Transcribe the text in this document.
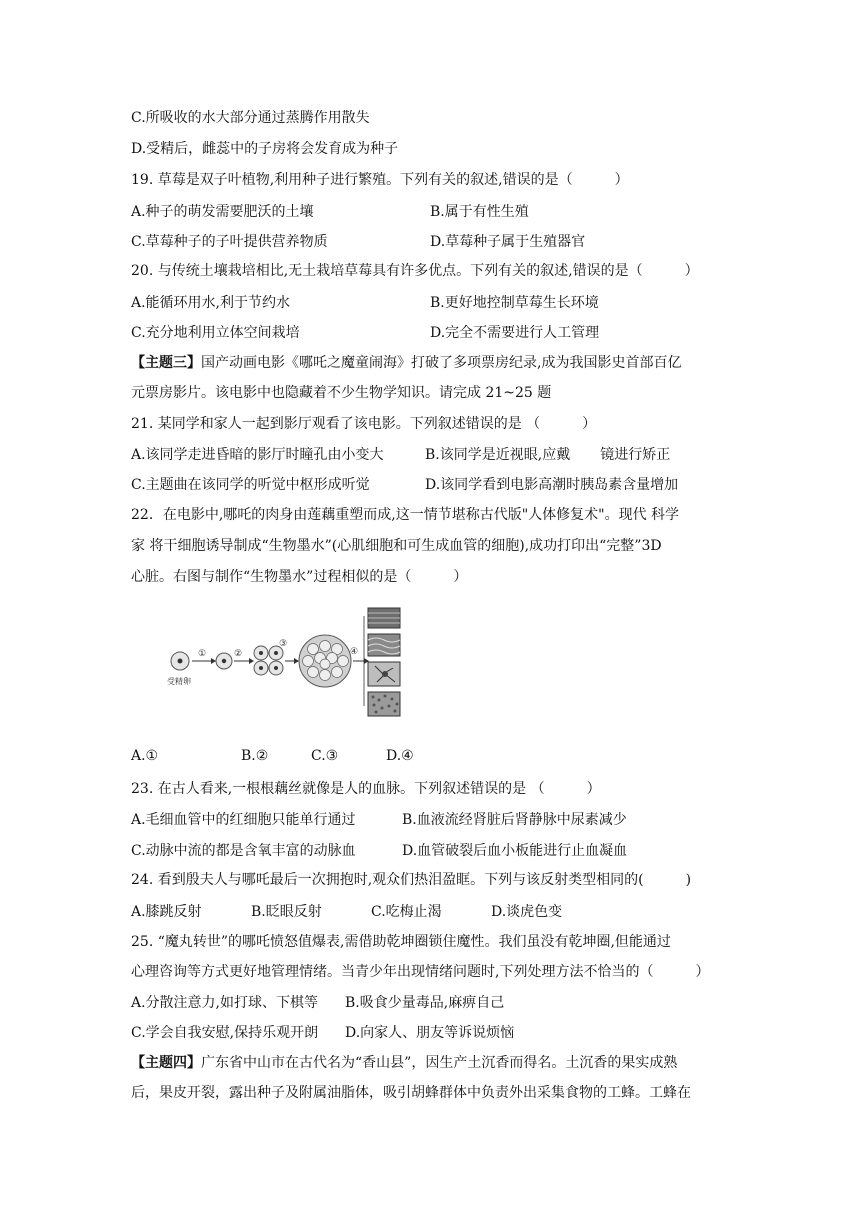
C.所吸收的水大部分通过蒸腾作用散失
D.受精后，雌蕊中的子房将会发育成为种子
19. 草莓是双子叶植物,利用种子进行繁殖。下列有关的叙述,错误的是（　　　）
A.种子的萌发需要肥沃的土壤	B.属于有性生殖
C.草莓种子的子叶提供营养物质	D.草莓种子属于生殖器官
20. 与传统土壤栽培相比,无土栽培草莓具有许多优点。下列有关的叙述,错误的是（　　　）
A.能循环用水,利于节约水	B.更好地控制草莓生长环境
C.充分地利用立体空间栽培	D.完全不需要进行人工管理
【主题三】国产动画电影《哪吒之魔童闹海》打破了多项票房纪录,成为我国影史首部百亿
元票房影片。该电影中也隐藏着不少生物学知识。请完成 21~25 题
21. 某同学和家人一起到影厅观看了该电影。下列叙述错误的是 （　　　）
A.该同学走进昏暗的影厅时瞳孔由小变大	B.该同学是近视眼,应戴 镜进行矫正
C.主题曲在该同学的听觉中枢形成听觉	D.该同学看到电影高潮时胰岛素含量增加
22．在电影中,哪吒的肉身由莲藕重塑而成,这一情节堪称古代版"人体修复术"。现代 科学
家 将干细胞诱导制成“生物墨水”(心肌细胞和可生成血管的细胞),成功打印出“完整”3D
心脏。右图与制作“生物墨水”过程相似的是（　　　）
受精卵
①	②
③
④
A.①	B.②	C.③	D.④
23. 在古人看来,一根根藕丝就像是人的血脉。下列叙述错误的是 （　　　）
A.毛细血管中的红细胞只能单行通过	B.血液流经肾脏后肾静脉中尿素减少
C.动脉中流的都是含氧丰富的动脉血	D.血管破裂后血小板能进行止血凝血
24. 看到殷夫人与哪吒最后一次拥抱时,观众们热泪盈眶。下列与该反射类型相同的(　　　)
A.膝跳反射	B.眨眼反射	C.吃梅止渴	D.谈虎色变
25. “魔丸转世”的哪吒愤怒值爆表,需借助乾坤圈锁住魔性。我们虽没有乾坤圈,但能通过
心理咨询等方式更好地管理情绪。当青少年出现情绪问题时,下列处理方法不恰当的（　　　）
A.分散注意力,如打球、下棋等 B.吸食少量毒品,麻痹自己
C.学会自我安慰,保持乐观开朗 D.向家人、朋友等诉说烦恼
【主题四】广东省中山市在古代名为“香山县”，因生产土沉香而得名。土沉香的果实成熟
后，果皮开裂，露出种子及附属油脂体，吸引胡蜂群体中负责外出采集食物的工蜂。工蜂在
